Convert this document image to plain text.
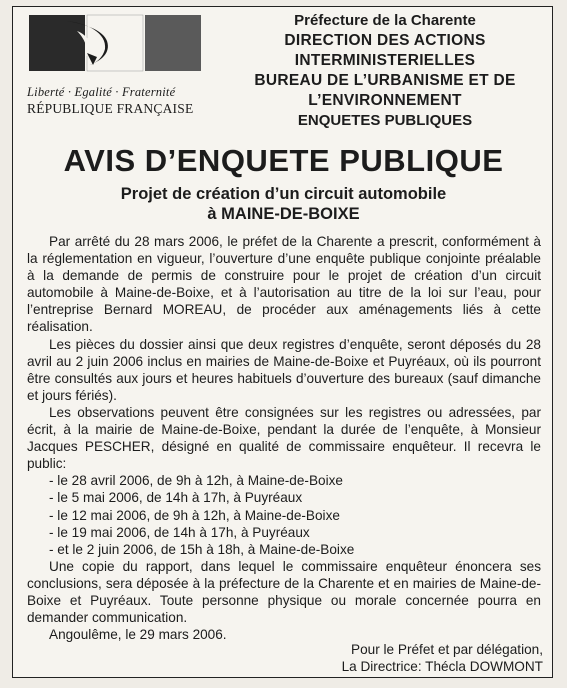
Liberté · Egalité · Fraternité
RÉPUBLIQUE FRANÇAISE
Préfecture de la Charente
DIRECTION DES ACTIONS INTERMINISTERIELLES
BUREAU DE L’URBANISME ET DE L’ENVIRONNEMENT
ENQUETES PUBLIQUES
AVIS D’ENQUETE PUBLIQUE
Projet de création d’un circuit automobile
à MAINE-DE-BOIXE

Par arrêté du 28 mars 2006, le préfet de la Charente a prescrit, conformément à la réglementation en vigueur, l’ouverture d’une enquête publique conjointe préalable à la demande de permis de construire pour le projet de création d’un circuit automobile à Maine-de-Boixe, et à l’autorisation au titre de la loi sur l’eau, pour l’entreprise Bernard MOREAU, de procéder aux aménagements liés à cette réalisation.

Les pièces du dossier ainsi que deux registres d’enquête, seront déposés du 28 avril au 2 juin 2006 inclus en mairies de Maine-de-Boixe et Puyréaux, où ils pourront être consultés aux jours et heures habituels d’ouverture des bureaux (sauf dimanche et jours fériés).

Les observations peuvent être consignées sur les registres ou adressées, par écrit, à la mairie de Maine-de-Boixe, pendant la durée de l’enquête, à Monsieur Jacques PESCHER, désigné en qualité de commissaire enquêteur. Il recevra le public:

- le 28 avril 2006, de 9h à 12h, à Maine-de-Boixe
- le 5 mai 2006, de 14h à 17h, à Puyréaux
- le 12 mai 2006, de 9h à 12h, à Maine-de-Boixe
- le 19 mai 2006, de 14h à 17h, à Puyréaux
- et le 2 juin 2006, de 15h à 18h, à Maine-de-Boixe

Une copie du rapport, dans lequel le commissaire enquêteur énoncera ses conclusions, sera déposée à la préfecture de la Charente et en mairies de Maine-de-Boixe et Puyréaux. Toute personne physique ou morale concernée pourra en demander communication.

Angoulême, le 29 mars 2006.
Pour le Préfet et par délégation,
La Directrice: Thécla DOWMONT
